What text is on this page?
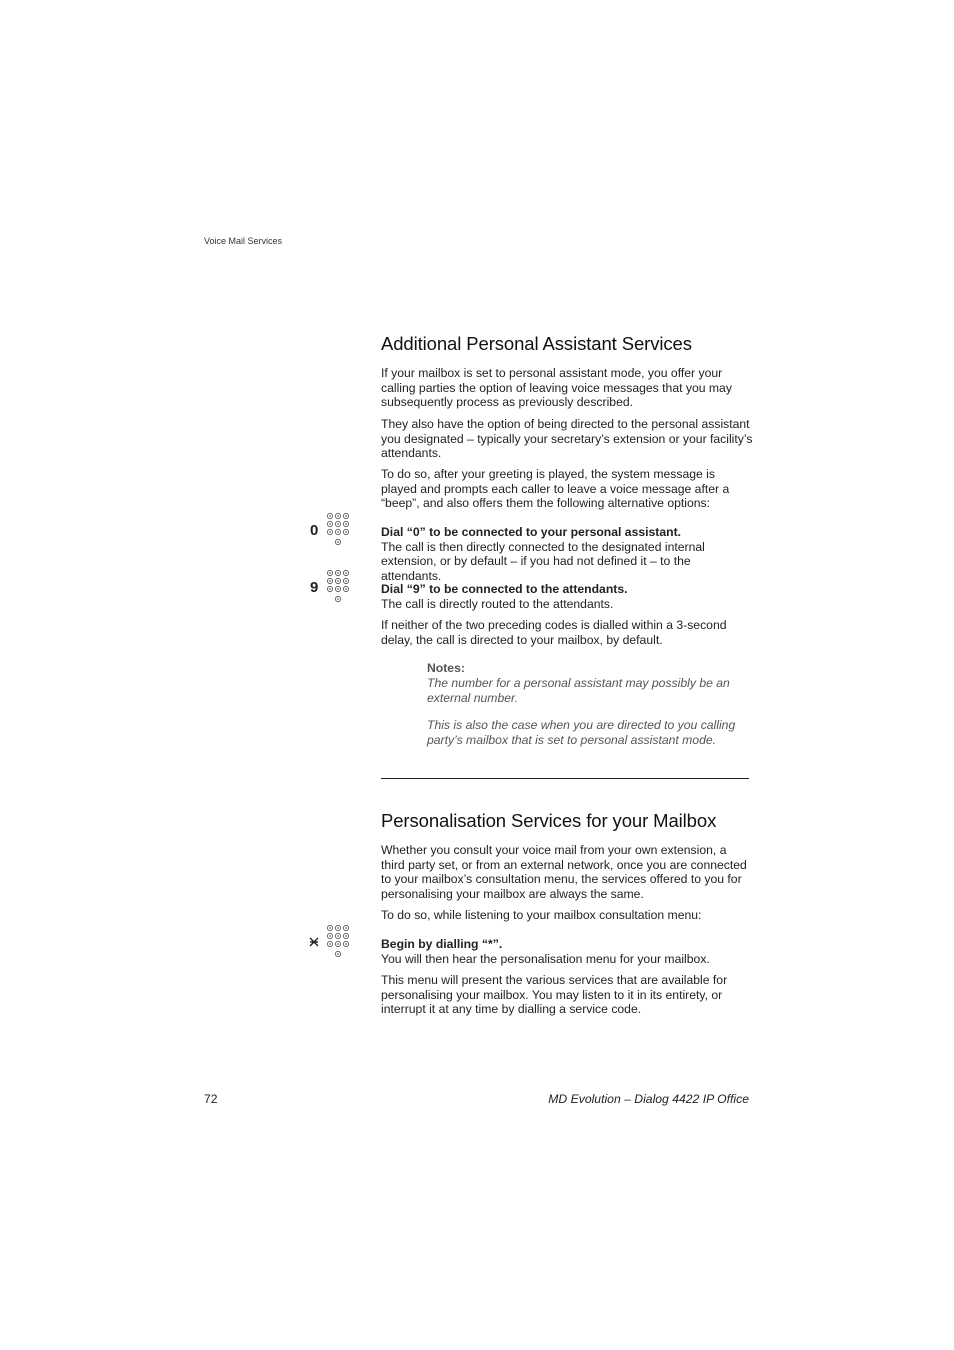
Voice Mail Services
Additional Personal Assistant Services

If your mailbox is set to personal assistant mode, you offer your calling parties the option of leaving voice messages that you may subsequently process as previously described.

They also have the option of being directed to the personal assistant you designated – typically your secretary’s extension or your facility’s attendants.

To do so, after your greeting is played, the system message is played and prompts each caller to leave a voice message after a “beep”, and also offers them the following alternative options:

0	Dial “0” to be connected to your personal assistant.
The call is then directly connected to the designated internal extension, or by default – if you had not defined it – to the attendants.

9	Dial “9” to be connected to the attendants.
The call is directly routed to the attendants.

If neither of the two preceding codes is dialled within a 3-second delay, the call is directed to your mailbox, by default.

Notes:
The number for a personal assistant may possibly be an external number.
This is also the case when you are directed to you calling party’s mailbox that is set to personal assistant mode.
Personalisation Services for your Mailbox

Whether you consult your voice mail from your own extension, a third party set, or from an external network, once you are connected to your mailbox’s consultation menu, the services offered to you for personalising your mailbox are always the same.

To do so, while listening to your mailbox consultation menu:

Begin by dialling “*”.
You will then hear the personalisation menu for your mailbox.

This menu will present the various services that are available for personalising your mailbox. You may listen to it in its entirety, or interrupt it at any time by dialling a service code.

72	MD Evolution – Dialog 4422 IP Office
